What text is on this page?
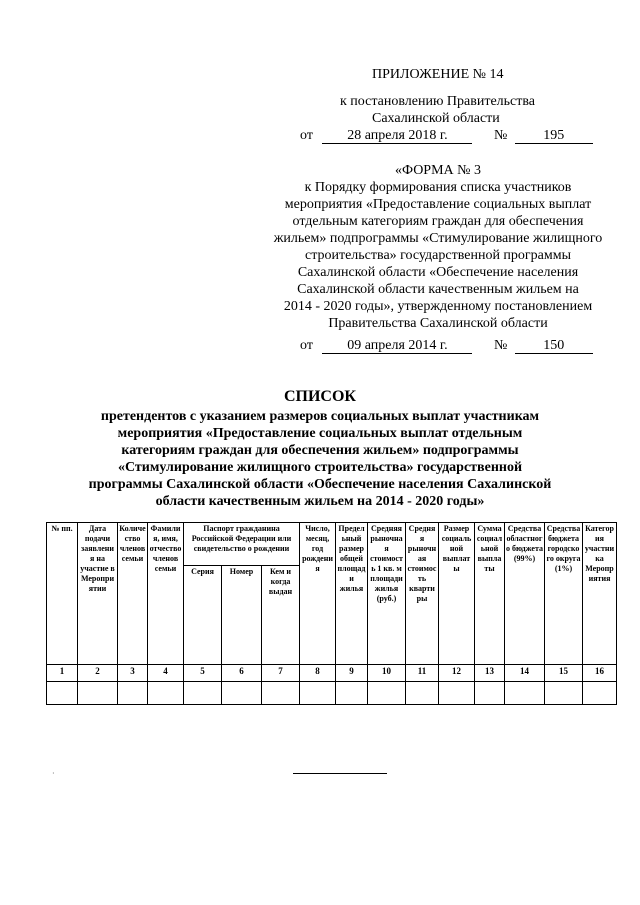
ПРИЛОЖЕНИЕ № 14
к постановлению Правительства
Сахалинской области
от 28 апреля 2018 г.	№	195
«ФОРМА № 3
к Порядку формирования списка участников
мероприятия «Предоставление социальных выплат
отдельным категориям граждан для обеспечения
жильем» подпрограммы «Стимулирование жилищного
строительства» государственной программы
Сахалинской области «Обеспечение населения
Сахалинской области качественным жильем на
2014 - 2020 годы», утвержденному постановлением
Правительства Сахалинской области
от 09 апреля 2014 г.	№	150
СПИСОК
претендентов с указанием размеров социальных выплат участникам мероприятия «Предоставление социальных выплат отдельным категориям граждан для обеспечения жильем» подпрограммы «Стимулирование жилищного строительства» государственной программы Сахалинской области «Обеспечение населения Сахалинской области качественным жильем на 2014 - 2020 годы»
№ пп.	Дата подачи заявления на участие в Мероприятии	Количество членов семьи	Фамилия, имя, отчество членов семьи	Паспорт гражданина Российской Федерации или свидетельство о рождении			Число, месяц, год рождения	Предельный размер общей площади жилья	Средняя рыночная стоимость 1 кв. м площади жилья (руб.)	Средняя рыночная стоимость квартиры	Размер социальной выплаты	Сумма социальной выплаты	Средства областного бюджета (99%)	Средства бюджета городского округа (1%)	Категория участника Мероприятия
				Серия	Номер	Кем и когда выдан									
1	2	3	4	5	6	7	8	9	10	11	12	13	14	15	16

·
